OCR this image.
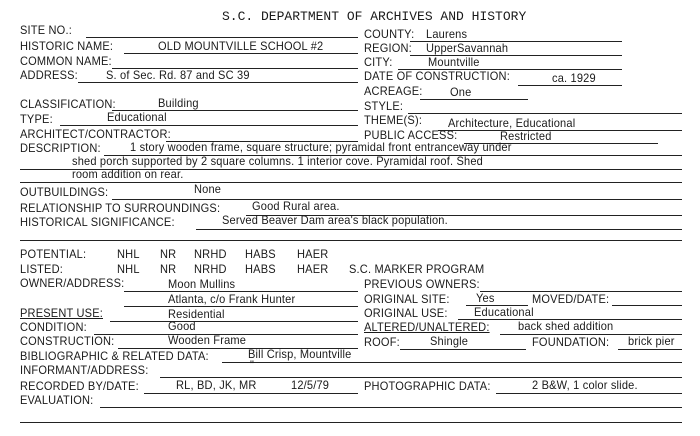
S.C. DEPARTMENT OF ARCHIVES AND HISTORY
SITE NO.:
HISTORIC NAME:	OLD MOUNTVILLE SCHOOL #2
COMMON NAME:
ADDRESS: S. of Sec. Rd. 87 and SC 39
COUNTY: Laurens
REGION: UpperSavannah
CITY:	Mountville
DATE OF CONSTRUCTION:	ca. 1929
ACREAGE: One
CLASSIFICATION:	Building	STYLE:
TYPE:	Educational	THEME(S): Architecture, Educational
ARCHITECT/CONTRACTOR:	PUBLIC ACCESS:	Restricted
DESCRIPTION: 1 story wooden frame, square structure; pyramidal front entranceway under
shed porch supported by 2 square columns. 1 interior cove. Pyramidal roof. Shed
room addition on rear.
OUTBUILDINGS:	None
RELATIONSHIP TO SURROUNDINGS:	Good Rural area.
HISTORICAL SIGNIFICANCE:	Served Beaver Dam area's black population.
POTENTIAL:	NHL NR NRHD HABS HAER
LISTED:	NHL NR NRHD HABS HAER S.C. MARKER PROGRAM
OWNER/ADDRESS:	Moon Mullins
Atlanta, c/o Frank Hunter
PREVIOUS OWNERS:
ORIGINAL SITE: Yes	MOVED/DATE:
PRESENT USE:	Residential	ORIGINAL USE: Educational
CONDITION:	Good	ALTERED/UNALTERED: back shed addition
CONSTRUCTION:	Wooden Frame	ROOF:	Shingle	FOUNDATION: brick pier
BIBLIOGRAPHIC & RELATED DATA:	Bill Crisp, Mountville
INFORMANT/ADDRESS:	"
RECORDED BY/DATE:	RL, BD, JK, MR	12/5/79	PHOTOGRAPHIC DATA:	2 B&W, 1 color slide.
EVALUATION:
